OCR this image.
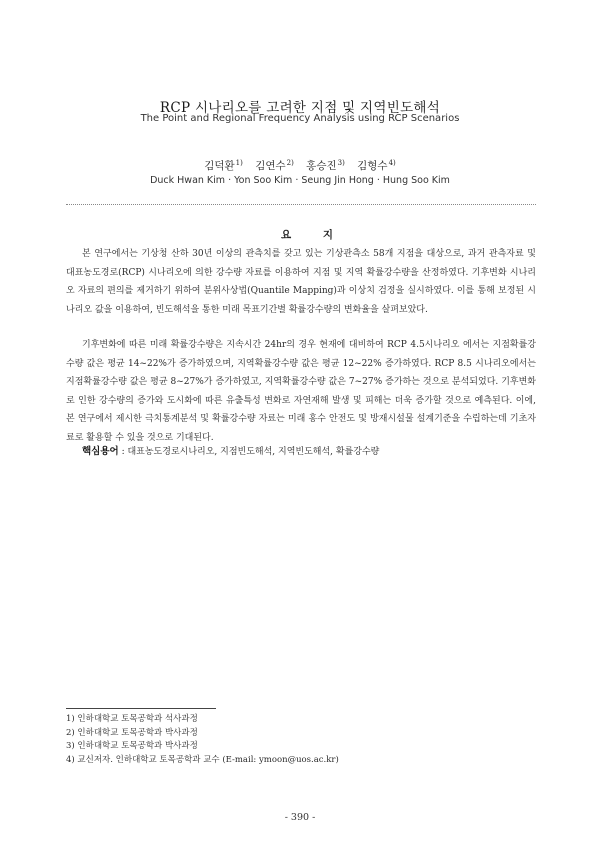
RCP 시나리오를 고려한 지점 및 지역빈도해석
The Point and Regional Frequency Analysis using RCP Scenarios
김덕환$^{1)}$ 김연수$^{2)}$ 홍승진$^{3)}$ 김형수$^{4)}$
Duck Hwan Kim · Yon Soo Kim · Seung Jin Hong · Hung Soo Kim
요 지
본 연구에서는 기상청 산하 30년 이상의 관측치를 갖고 있는 기상관측소 58개 지점을 대상으로, 과거 관측자료 및 대표농도경로(RCP) 시나리오에 의한 강수량 자료를 이용하여 지점 및 지역 확률강수량을 산정하였다. 기후변화 시나리오 자료의 편의를 제거하기 위하여 분위사상법(Quantile Mapping)과 이상치 검정을 실시하였다. 이를 통해 보정된 시나리오 값을 이용하여, 빈도해석을 통한 미래 목표기간별 확률강수량의 변화율을 살펴보았다.
기후변화에 따른 미래 확률강수량은 지속시간 24hr의 경우 현재에 대비하여 RCP 4.5시나리오 에서는 지점확률강수량 값은 평균 14~22%가 증가하였으며, 지역확률강수량 값은 평균 12~22% 증가하였다. RCP 8.5 시나리오에서는 지점확률강수량 값은 평균 8~27%가 증가하였고, 지역확률강수량 값은 7~27% 증가하는 것으로 분석되었다. 기후변화로 인한 강수량의 증가와 도시화에 따른 유출특성 변화로 자연재해 발생 및 피해는 더욱 증가할 것으로 예측된다. 이에, 본 연구에서 제시한 극치통계분석 및 확률강수량 자료는 미래 홍수 안전도 및 방재시설물 설계기준을 수립하는데 기초자료로 활용할 수 있을 것으로 기대된다.
핵심용어 : 대표농도경로시나리오, 지점빈도해석, 지역빈도해석, 확률강수량
1) 인하대학교 토목공학과 석사과정
2) 인하대학교 토목공학과 박사과정
3) 인하대학교 토목공학과 박사과정
4) 교신저자. 인하대학교 토목공학과 교수 (E-mail: ymoon@uos.ac.kr)
- 390 -
